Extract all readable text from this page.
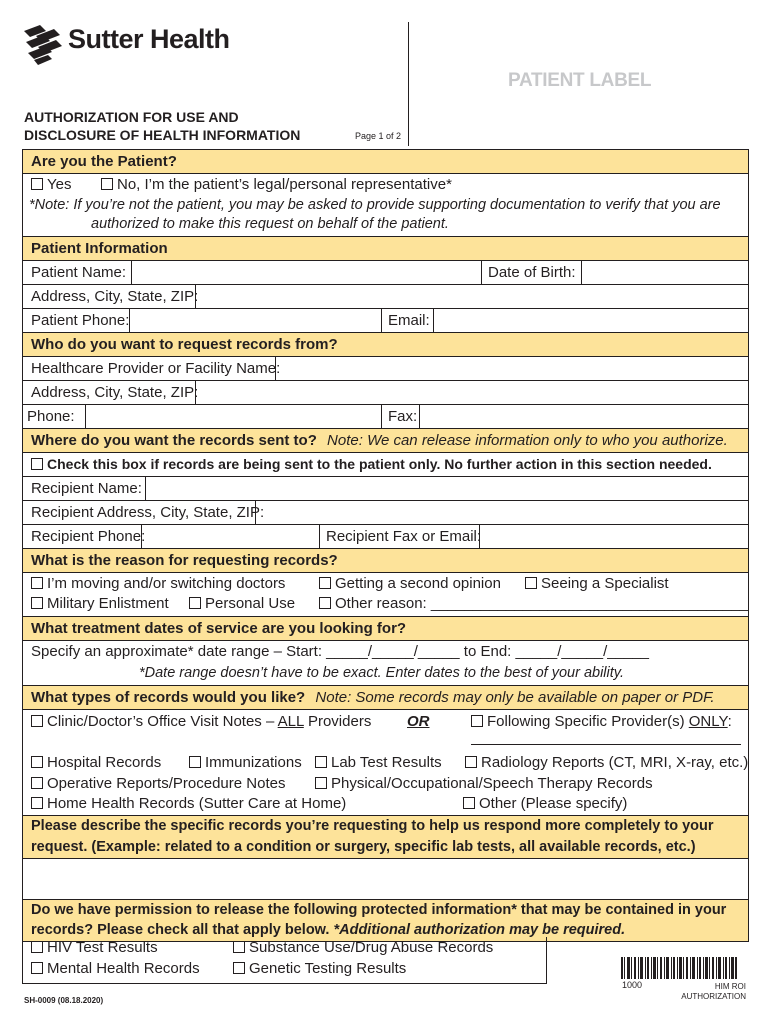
Sutter Health
PATIENT LABEL
AUTHORIZATION FOR USE AND
DISCLOSURE OF HEALTH INFORMATION	Page 1 of 2
Are you the Patient?
Yes	No, I’m the patient’s legal/personal representative*
*Note: If you’re not the patient, you may be asked to provide supporting documentation to verify that you are
authorized to make this request on behalf of the patient.
Patient Information
Patient Name:	Date of Birth:
Address, City, State, ZIP:
Patient Phone:	Email:
Who do you want to request records from?
Healthcare Provider or Facility Name:
Address, City, State, ZIP:
Phone:	Fax:
Where do you want the records sent to? Note: We can release information only to who you authorize.
Check this box if records are being sent to the patient only. No further action in this section needed.
Recipient Name:
Recipient Address, City, State, ZIP:
Recipient Phone:	Recipient Fax or Email:
What is the reason for requesting records?
I’m moving and/or switching doctors	Getting a second opinion	Seeing a Specialist
Military Enlistment	Personal Use	Other reason: ______________________________________
What treatment dates of service are you looking for?
Specify an approximate* date range – Start: _____/_____/_____ to End: _____/_____/_____
*Date range doesn’t have to be exact. Enter dates to the best of your ability.
What types of records would you like? Note: Some records may only be available on paper or PDF.
Clinic/Doctor’s Office Visit Notes – ALL Providers OR	Following Specific Provider(s) ONLY:
Hospital Records	Immunizations	Lab Test Results	Radiology Reports (CT, MRI, X-ray, etc.)
Operative Reports/Procedure Notes	Physical/Occupational/Speech Therapy Records
Home Health Records (Sutter Care at Home)	Other (Please specify)
Please describe the specific records you’re requesting to help us respond more completely to your
request. (Example: related to a condition or surgery, specific lab tests, all available records, etc.)
Do we have permission to release the following protected information* that may be contained in your
records? Please check all that apply below. *Additional authorization may be required.
HIV Test Results	Substance Use/Drug Abuse Records
Mental Health Records	Genetic Testing Results
1000	HIM ROI
AUTHORIZATION
SH-0009 (08.18.2020)
